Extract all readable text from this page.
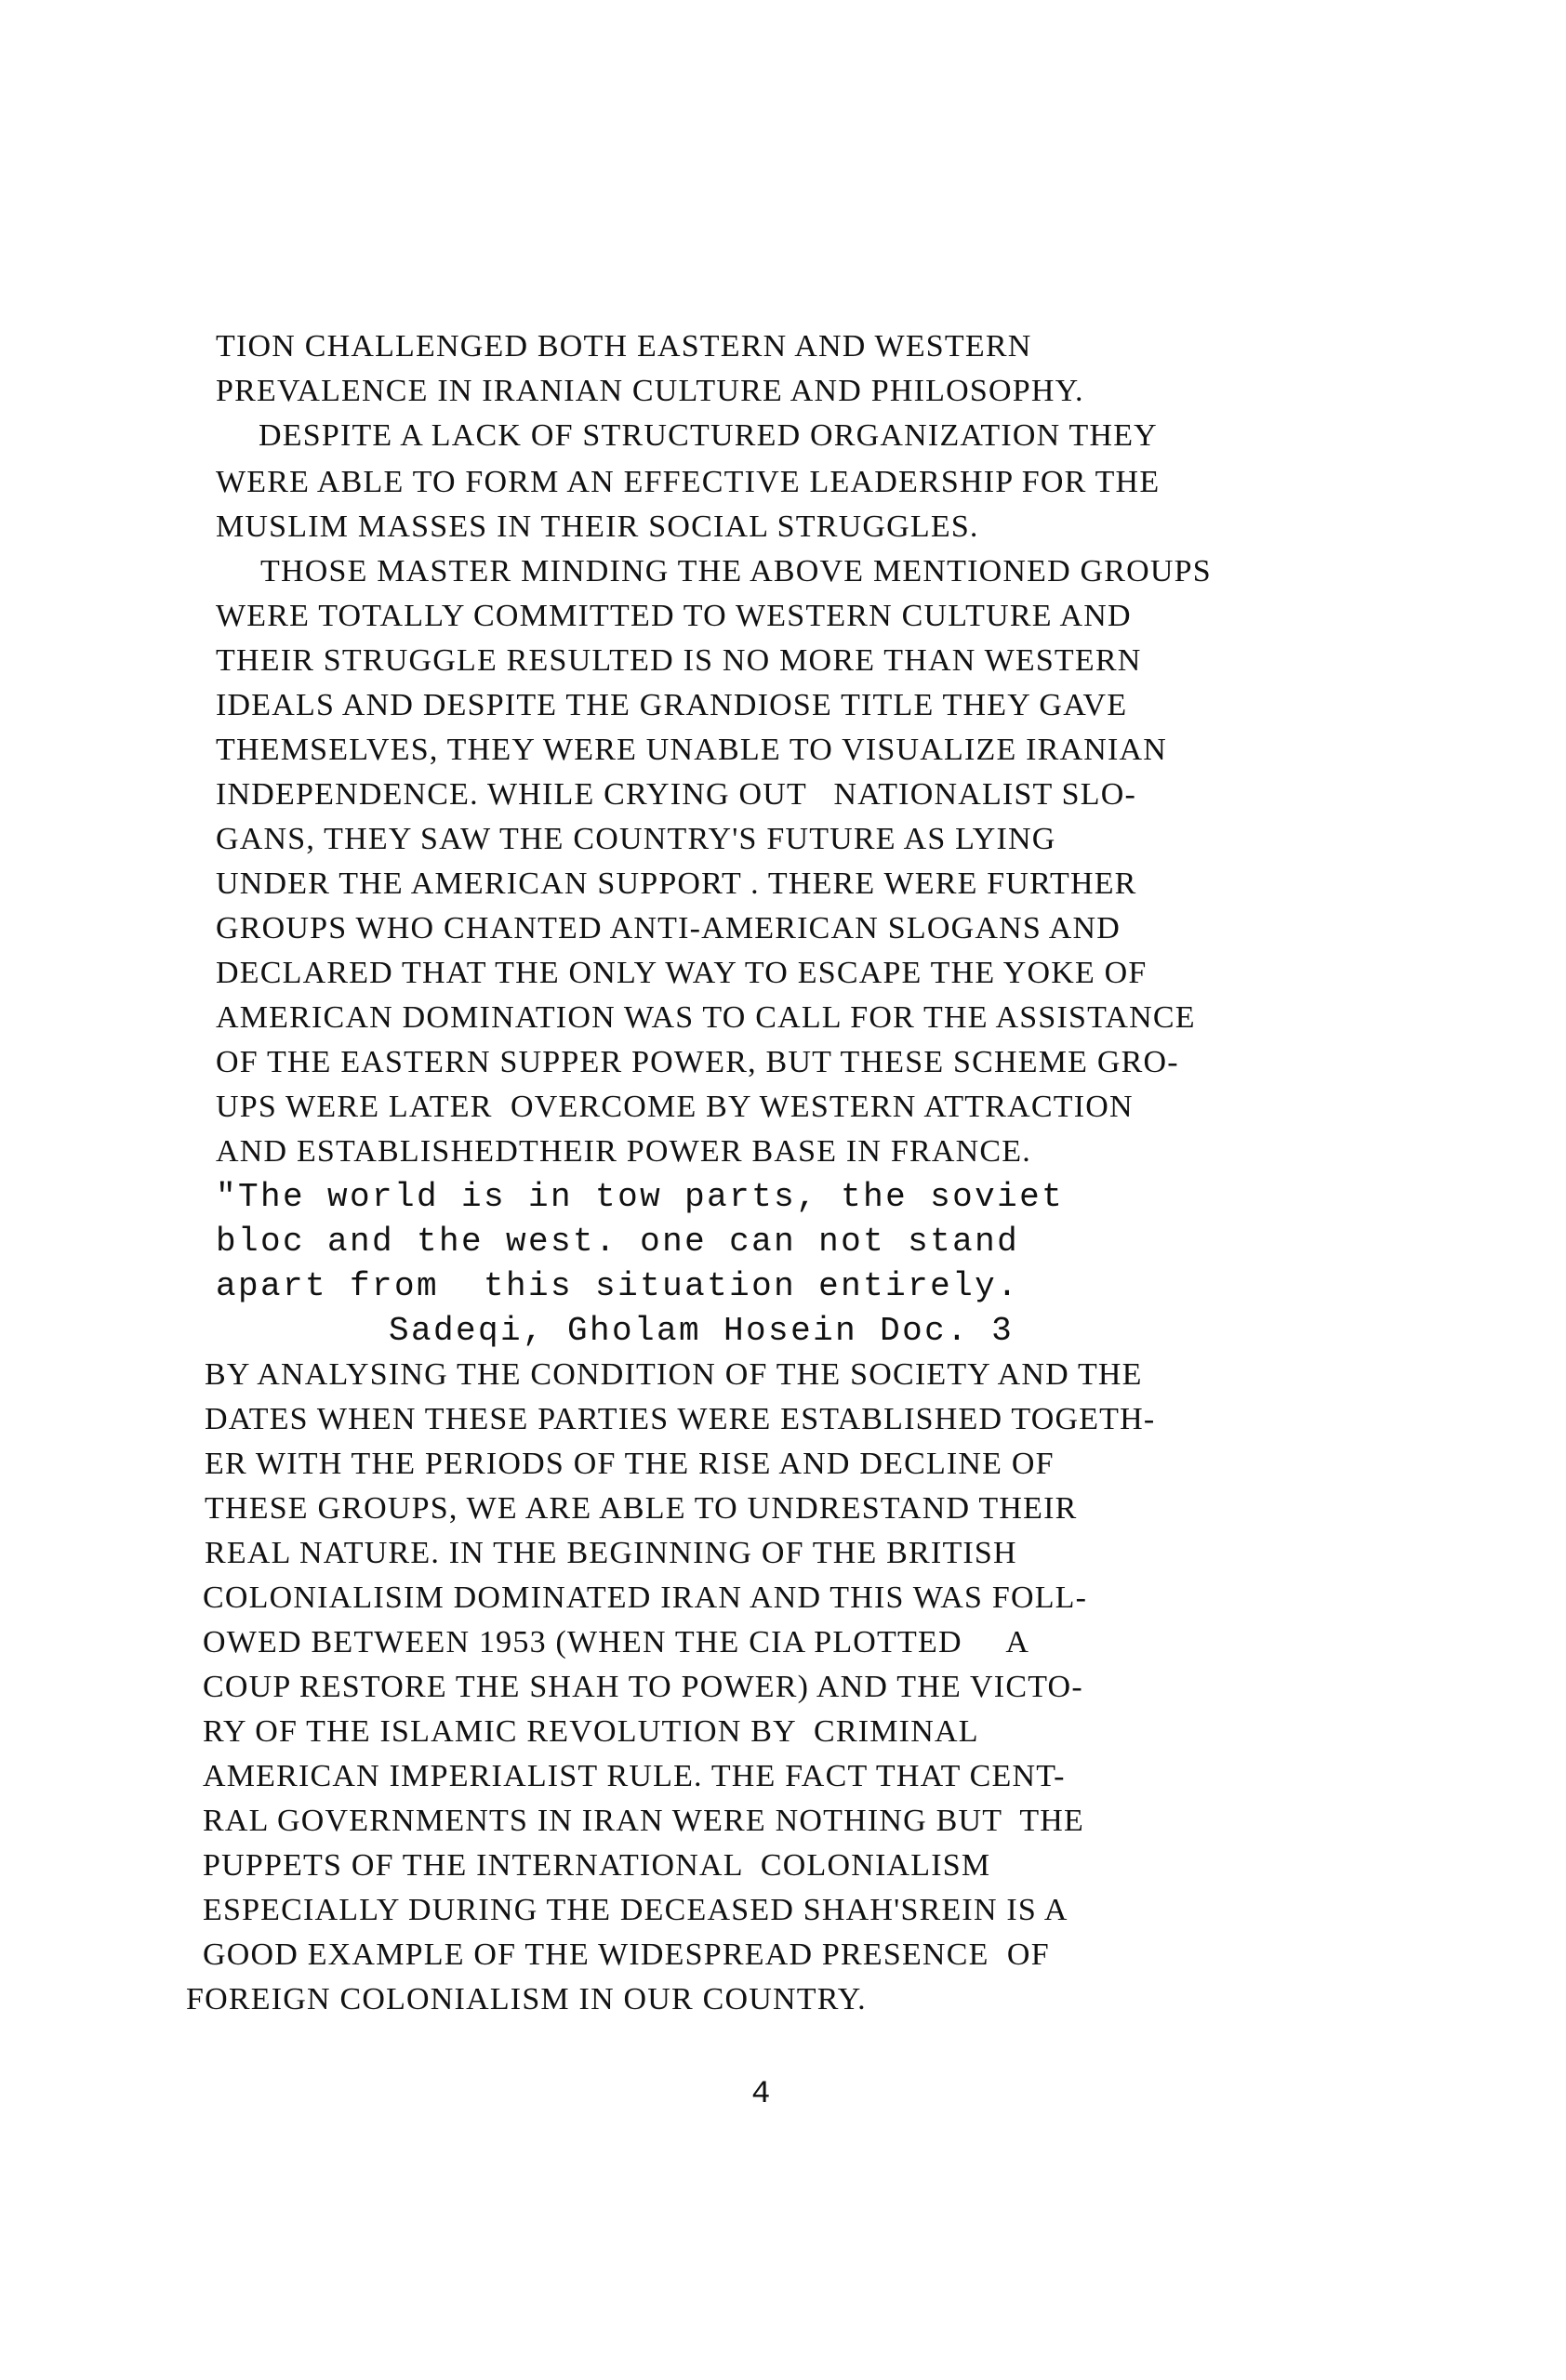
TION CHALLENGED BOTH EASTERN AND WESTERN

PREVALENCE IN IRANIAN CULTURE AND PHILOSOPHY.

DESPITE A LACK OF STRUCTURED ORGANIZATION THEY

WERE ABLE TO FORM AN EFFECTIVE LEADERSHIP FOR THE

MUSLIM MASSES IN THEIR SOCIAL STRUGGLES.

THOSE MASTER MINDING THE ABOVE MENTIONED GROUPS

WERE TOTALLY COMMITTED TO WESTERN CULTURE AND

THEIR STRUGGLE RESULTED IS NO MORE THAN WESTERN

IDEALS AND DESPITE THE GRANDIOSE TITLE THEY GAVE

THEMSELVES, THEY WERE UNABLE TO VISUALIZE IRANIAN

INDEPENDENCE. WHILE CRYING OUT   NATIONALIST SLO-

GANS, THEY SAW THE COUNTRY'S FUTURE AS LYING

UNDER THE AMERICAN SUPPORT . THERE WERE FURTHER

GROUPS WHO CHANTED ANTI-AMERICAN SLOGANS AND

DECLARED THAT THE ONLY WAY TO ESCAPE THE YOKE OF

AMERICAN DOMINATION WAS TO CALL FOR THE ASSISTANCE

OF THE EASTERN SUPPER POWER, BUT THESE SCHEME GRO-

UPS WERE LATER  OVERCOME BY WESTERN ATTRACTION

AND ESTABLISHEDTHEIR POWER BASE IN FRANCE.

"The world is in tow parts, the soviet

bloc and the west. one can not stand

apart from  this situation entirely.

Sadeqi, Gholam Hosein Doc. 3

BY ANALYSING THE CONDITION OF THE SOCIETY AND THE

DATES WHEN THESE PARTIES WERE ESTABLISHED TOGETH-

ER WITH THE PERIODS OF THE RISE AND DECLINE OF

THESE GROUPS, WE ARE ABLE TO UNDRESTAND THEIR

REAL NATURE. IN THE BEGINNING OF THE BRITISH

COLONIALISIM DOMINATED IRAN AND THIS WAS FOLL-

OWED BETWEEN 1953 (WHEN THE CIA PLOTTED     A

COUP RESTORE THE SHAH TO POWER) AND THE VICTO-

RY OF THE ISLAMIC REVOLUTION BY  CRIMINAL

AMERICAN IMPERIALIST RULE. THE FACT THAT CENT-

RAL GOVERNMENTS IN IRAN WERE NOTHING BUT  THE

PUPPETS OF THE INTERNATIONAL  COLONIALISM

ESPECIALLY DURING THE DECEASED SHAH'SREIN IS A

GOOD EXAMPLE OF THE WIDESPREAD PRESENCE  OF

FOREIGN COLONIALISM IN OUR COUNTRY.

4
